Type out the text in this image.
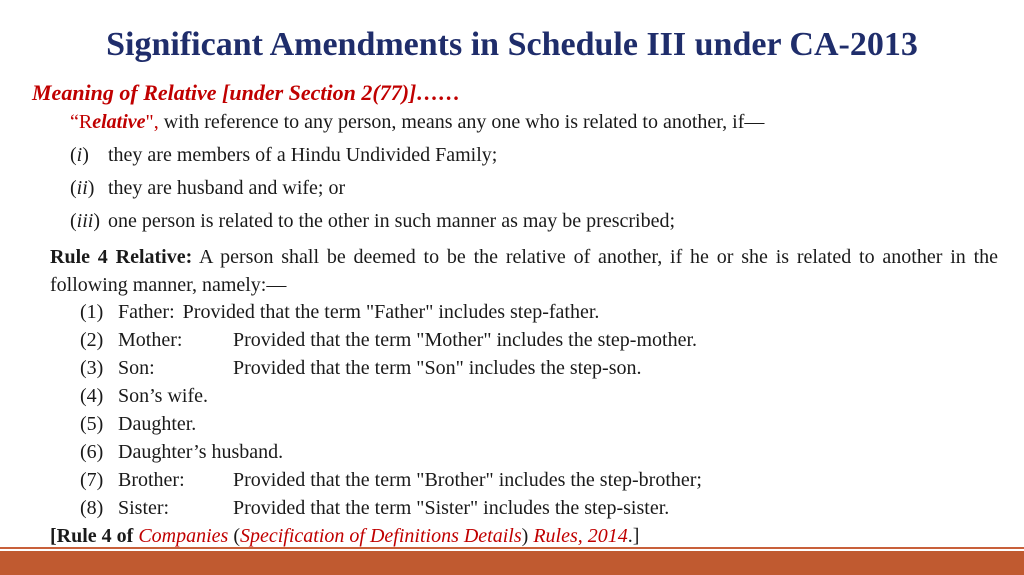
Significant Amendments in Schedule III under CA-2013
Meaning of Relative [under Section 2(77)]……
“Relative", with reference to any person, means any one who is related to another, if—
(i) they are members of a Hindu Undivided Family;
(ii) they are husband and wife; or
(iii) one person is related to the other in such manner as may be prescribed;
Rule 4 Relative: A person shall be deemed to be the relative of another, if he or she is related to another in the following manner, namely:—
(1) Father: Provided that the term "Father" includes step-father.
(2) Mother:	Provided that the term "Mother" includes the step-mother.
(3) Son:	Provided that the term "Son" includes the step-son.
(4) Son’s wife.
(5) Daughter.
(6) Daughter’s husband.
(7) Brother: Provided that the term "Brother" includes the step-brother;
(8) Sister:	Provided that the term "Sister" includes the step-sister.
[Rule 4 of Companies (Specification of Definitions Details) Rules, 2014.]
